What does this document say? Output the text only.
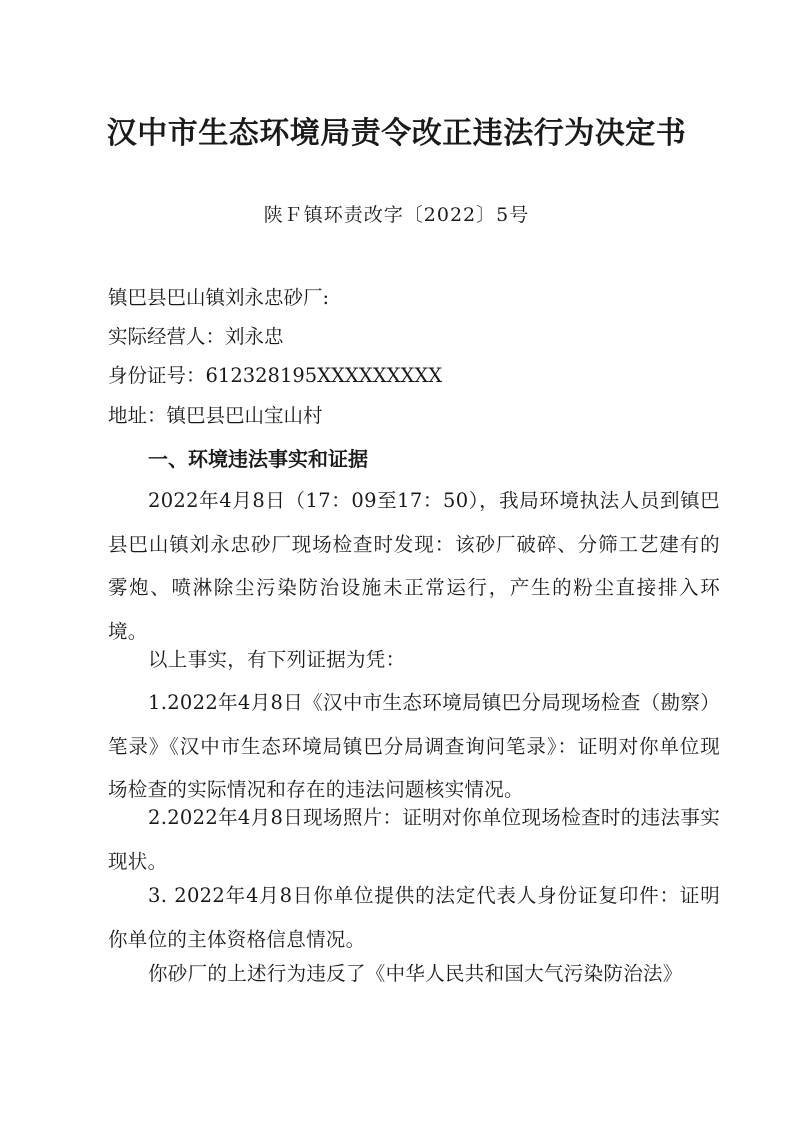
汉中市生态环境局责令改正违法行为决定书
陕Ｆ镇环责改字〔2022〕5号
镇巴县巴山镇刘永忠砂厂:
实际经营人：刘永忠
身份证号：612328195XXXXXXXXX
地址：镇巴县巴山宝山村
一、环境违法事实和证据
2022年4月8日（17：09至17：50），我局环境执法人员到镇巴县巴山镇刘永忠砂厂现场检查时发现：该砂厂破碎、分筛工艺建有的雾炮、喷淋除尘污染防治设施未正常运行，产生的粉尘直接排入环境。
以上事实，有下列证据为凭：
1.2022年4月8日《汉中市生态环境局镇巴分局现场检查（勘察）笔录》《汉中市生态环境局镇巴分局调查询问笔录》：证明对你单位现场检查的实际情况和存在的违法问题核实情况。
2.2022年4月8日现场照片：证明对你单位现场检查时的违法事实现状。
3. 2022年4月8日你单位提供的法定代表人身份证复印件：证明你单位的主体资格信息情况。
你砂厂的上述行为违反了《中华人民共和国大气污染防治法》
